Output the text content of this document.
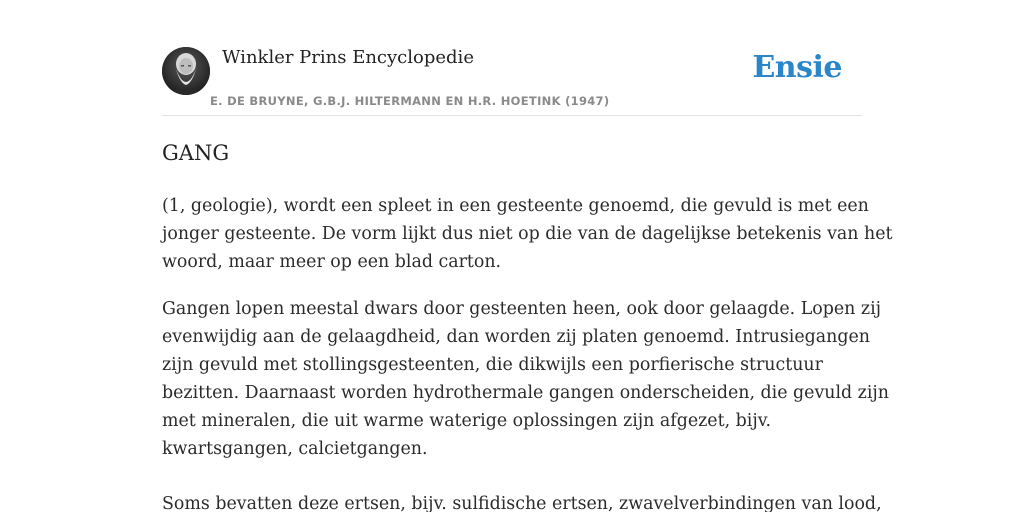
Winkler Prins Encyclopedie
E. DE BRUYNE, G.B.J. HILTERMANN EN H.R. HOETINK (1947)
Ensie
GANG

(1, geologie), wordt een spleet in een gesteente genoemd, die gevuld is met een
jonger gesteente. De vorm lijkt dus niet op die van de dagelijkse betekenis van het
woord, maar meer op een blad carton.

Gangen lopen meestal dwars door gesteenten heen, ook door gelaagde. Lopen zij
evenwijdig aan de gelaagdheid, dan worden zij platen genoemd. Intrusiegangen
zijn gevuld met stollingsgesteenten, die dikwijls een porfierische structuur
bezitten. Daarnaast worden hydrothermale gangen onderscheiden, die gevuld zijn
met mineralen, die uit warme waterige oplossingen zijn afgezet, bijv.
kwartsgangen, calcietgangen.

Soms bevatten deze ertsen, bijv. sulfidische ertsen, zwavelverbindingen van lood,
